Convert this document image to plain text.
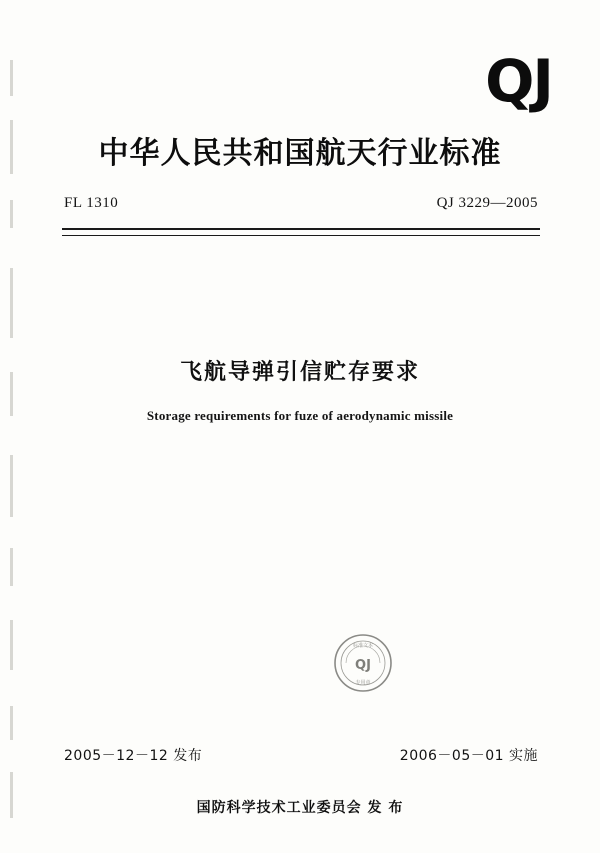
QJ
中华人民共和国航天行业标准
FL 1310	QJ 3229—2005
飞航导弹引信贮存要求
Storage requirements for fuze of aerodynamic missile
QJ
标准文本
专用章
2005－12－12 发布	2006－05－01 实施
国防科学技术工业委员会 发 布
